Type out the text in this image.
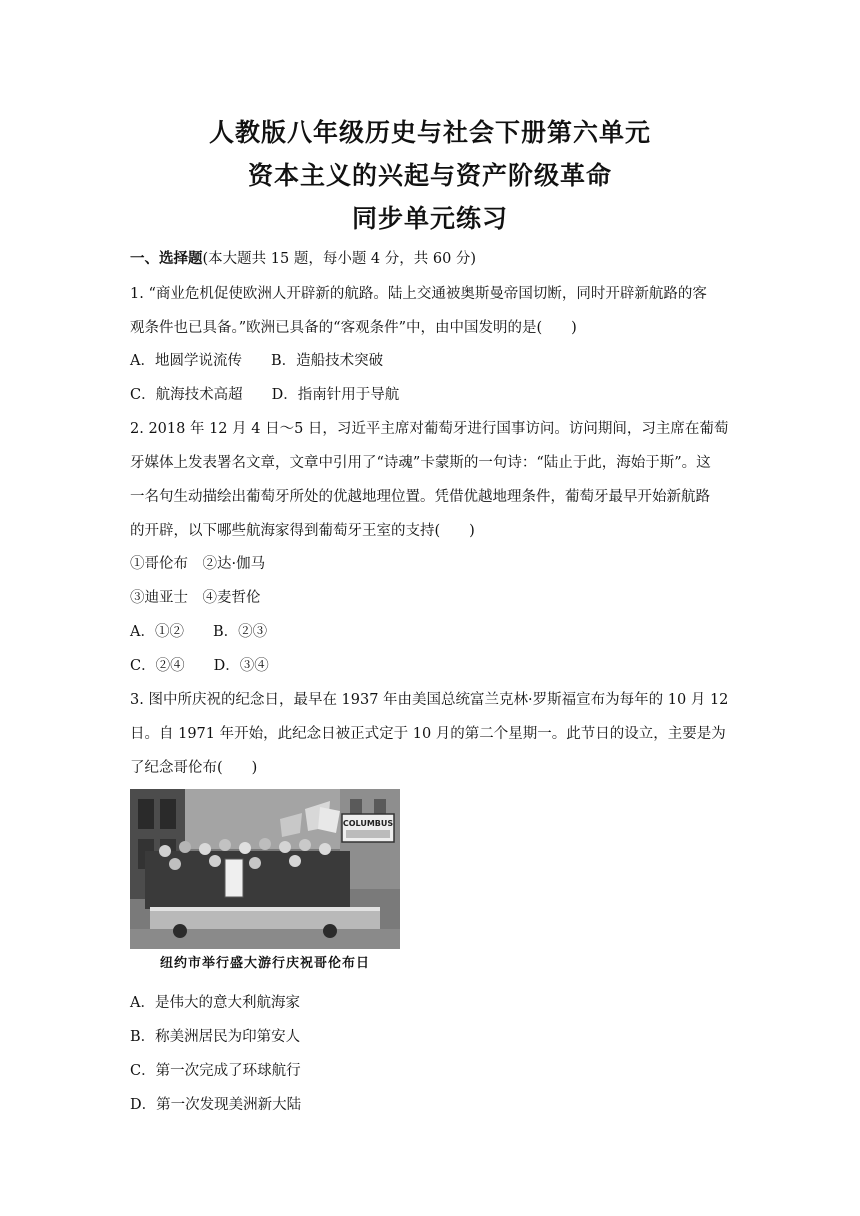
人教版八年级历史与社会下册第六单元
资本主义的兴起与资产阶级革命
同步单元练习
一、选择题(本大题共 15 题，每小题 4 分，共 60 分)
1. “商业危机促使欧洲人开辟新的航路。陆上交通被奥斯曼帝国切断，同时开辟新航路的客
观条件也已具备。”欧洲已具备的“客观条件”中，由中国发明的是(　　)
A．地圆学说流传　　B．造船技术突破
C．航海技术高超　　D．指南针用于导航
2. 2018 年 12 月 4 日～5 日，习近平主席对葡萄牙进行国事访问。访问期间，习主席在葡萄
牙媒体上发表署名文章，文章中引用了“诗魂”卡蒙斯的一句诗：“陆止于此，海始于斯”。这
一名句生动描绘出葡萄牙所处的优越地理位置。凭借优越地理条件，葡萄牙最早开始新航路
的开辟，以下哪些航海家得到葡萄牙王室的支持(　　)
①哥伦布　②达·伽马
③迪亚士　④麦哲伦
A．①②　　B．②③
C．②④　　D．③④
3. 图中所庆祝的纪念日，最早在 1937 年由美国总统富兰克林·罗斯福宣布为每年的 10 月 12
日。自 1971 年开始，此纪念日被正式定于 10 月的第二个星期一。此节日的设立，主要是为
了纪念哥伦布(　　)
COLUMBUS
纽约市举行盛大游行庆祝哥伦布日
A．是伟大的意大利航海家
B．称美洲居民为印第安人
C．第一次完成了环球航行
D．第一次发现美洲新大陆
